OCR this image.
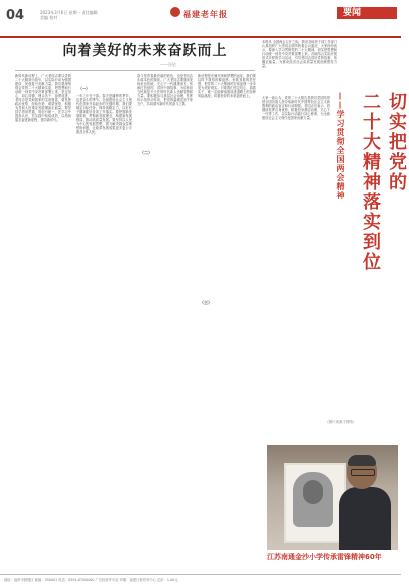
04	2023年3月6日 星期一 责任编辑 美编 校对	福建老年报	要闻
向着美好的未来奋跃而上
——评论
新时代新征程上，广大老同志要以党的二十大精神为指引，以实际行动为强国建设、民族复兴贡献力量。我们要深刻领会党的二十大精神实质，把思想和行动统一到党中央决策部署上来，坚定信心、同心同德，埋头苦干、奋勇前进。老同志是党和国家的宝贵财富，要发挥政治优势、经验优势、威望优势，积极为党和人民事业发展增添正能量。要坚持学思用贯通、知信行统一，在学习中提高认识，在实践中检验成效，以昂扬姿态奋进新征程、建功新时代。
（一）
一年之计在于春。春天是播种的季节，也是奋斗的季节。全面建设社会主义现代化国家开局起步的关键时期，我们要锚定目标任务，保持战略定力，以钉钉子精神抓好各项工作落实。要把握新发展阶段，贯彻新发展理念，构建新发展格局，推动高质量发展。要坚持以人民为中心的发展思想，着力解决群众急难愁盼问题，让改革发展成果更多更公平惠及全体人民。
（二）
奋斗是青春最亮丽的底色，也是老同志永葆本色的源泉。广大老同志要继续发扬优良传统，关心下一代健康成长，传承红色基因，讲好中国故事，为培养担当民族复兴大任的时代新人贡献智慧和力量。要积极参与基层社会治理，发挥好示范带动作用，把党的温暖送到千家万户，共同谱写新时代的奋斗之歌。
（三）
新征程是充满光荣和梦想的远征。我们要以时不我待的紧迫感、舍我其谁的责任感，把党的二十大擘画的宏伟蓝图一步步变为美好现实。只要我们坚定信心、真抓实干，就一定能够战胜前进道路上的各种风险挑战，向着美好的未来奋跃而上。
本报讯 全国两会召开之际，我省各地老干部工作部门认真组织广大老同志收听收看会议盛况，大家纷纷表示，要深入学习贯彻党的二十大精神，切实把思想和行动统一到党中央决策部署上来。各地结合实际开展形式多样的学习活动，引导老同志讲好党的故事、传播正能量，为推动经济社会高质量发展贡献银发力量。
切实把党的
二十大精神落实到位
——学习贯彻全国两会精神
大家一致认为，党的二十大报告是我们党团结带领全国各族人民夺取新时代中国特色社会主义新胜利的政治宣言和行动纲领。老同志们表示，将继续发挥自身优势，积极投身基层治理、关心下一代等工作，以实际行动践行初心使命，为全面建设社会主义现代化国家贡献力量。
（图片来源于网络）
江苏南通金沙小学传承雷锋精神60年
地址：福州市鼓楼区 邮编：350001 电话：0591-87000000 广告经营许可证 印刷：福建日报印务中心 定价：1.00元
